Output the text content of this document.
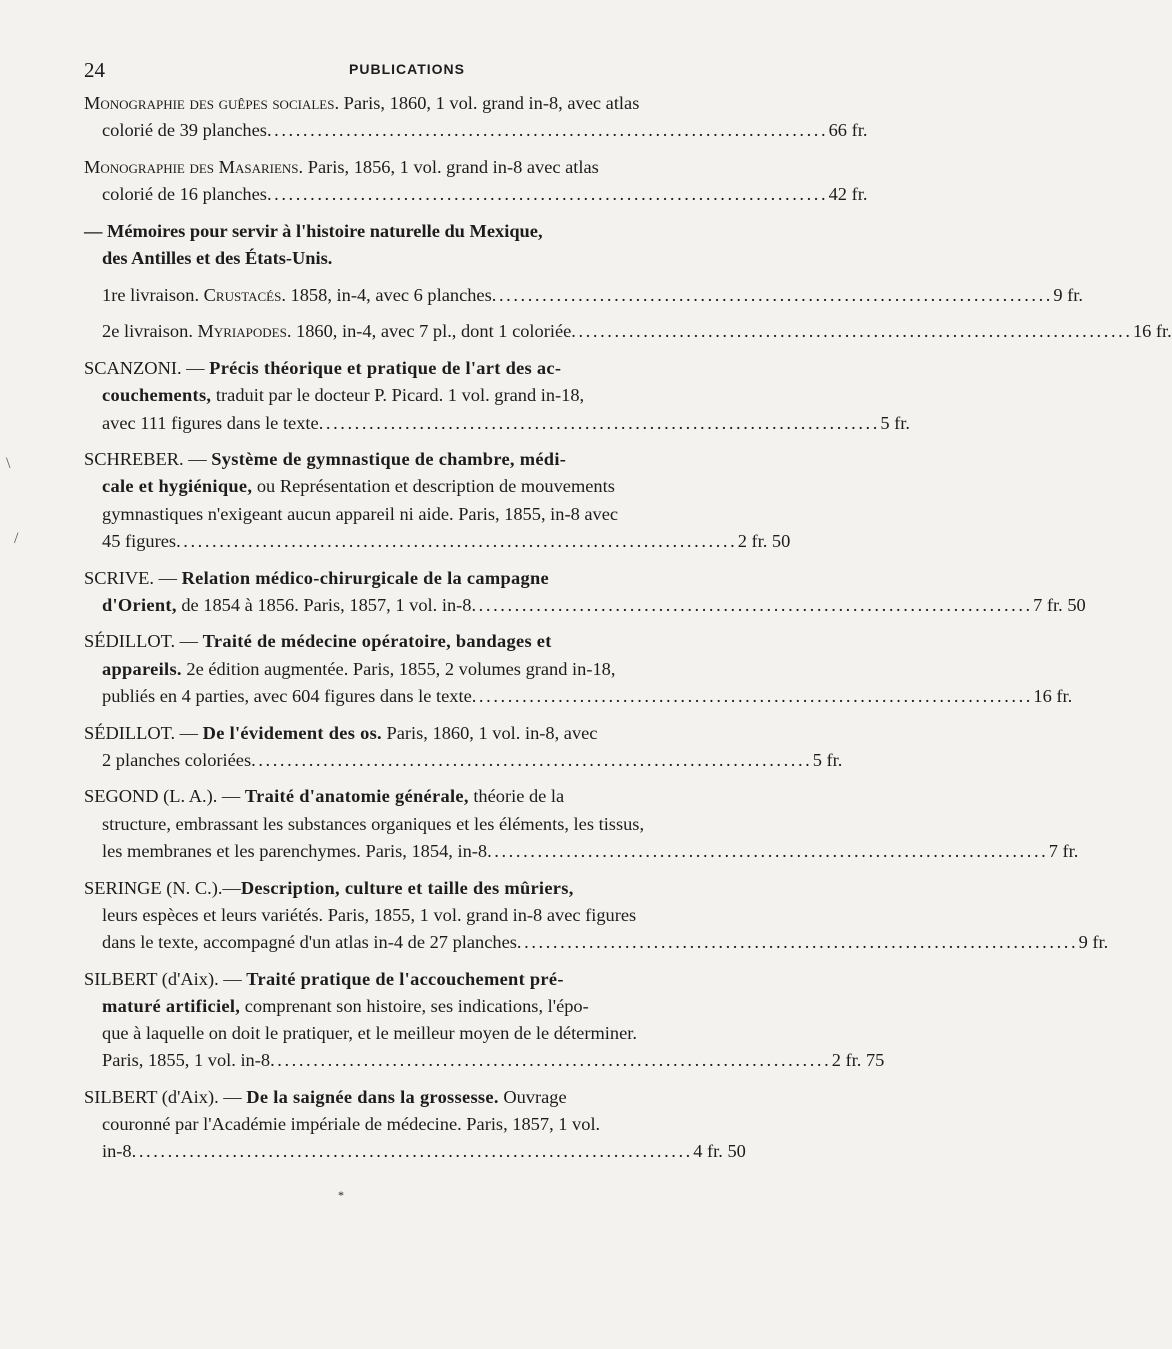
24	PUBLICATIONS
\
/
Monographie des guêpes sociales. Paris, 1860, 1 vol. grand in-8, avec atlas
colorié de 39 planches . . .	66 fr.
Monographie des Masariens. Paris, 1856, 1 vol. grand in-8 avec atlas
colorié de 16 planches . . .	42 fr.
— Mémoires pour servir à l'histoire naturelle du Mexique,
des Antilles et des États-Unis.
1re livraison. Crustacés. 1858, in-4, avec 6 planches . . .	9 fr.
2e livraison. Myriapodes. 1860, in-4, avec 7 pl., dont 1 coloriée . . .	16 fr.
SCANZONI. — Précis théorique et pratique de l'art des ac-
couchements, traduit par le docteur P. Picard. 1 vol. grand in-18,
avec 111 figures dans le texte . . .	5 fr.
SCHREBER. — Système de gymnastique de chambre, médi-
cale et hygiénique, ou Représentation et description de mouvements
gymnastiques n'exigeant aucun appareil ni aide. Paris, 1855, in-8 avec
45 figures . . .	2 fr. 50
SCRIVE. — Relation médico-chirurgicale de la campagne
d'Orient, de 1854 à 1856. Paris, 1857, 1 vol. in-8 . . .	7 fr. 50
SÉDILLOT. — Traité de médecine opératoire, bandages et
appareils. 2e édition augmentée. Paris, 1855, 2 volumes grand in-18,
publiés en 4 parties, avec 604 figures dans le texte . . .	16 fr.
SÉDILLOT. — De l'évidement des os. Paris, 1860, 1 vol. in-8, avec
2 planches coloriées . . .	5 fr.
SEGOND (L. A.). — Traité d'anatomie générale, théorie de la
structure, embrassant les substances organiques et les éléments, les tissus,
les membranes et les parenchymes. Paris, 1854, in-8 . . .	7 fr.
SERINGE (N. C.).—Description, culture et taille des mûriers,
leurs espèces et leurs variétés. Paris, 1855, 1 vol. grand in-8 avec figures
dans le texte, accompagné d'un atlas in-4 de 27 planches . . .	9 fr.
SILBERT (d'Aix). — Traité pratique de l'accouchement pré-
maturé artificiel, comprenant son histoire, ses indications, l'épo-
que à laquelle on doit le pratiquer, et le meilleur moyen de le déterminer.
Paris, 1855, 1 vol. in-8 . . .	2 fr. 75
SILBERT (d'Aix). — De la saignée dans la grossesse. Ouvrage
couronné par l'Académie impériale de médecine. Paris, 1857, 1 vol.
in-8 . . .	4 fr. 50
*
